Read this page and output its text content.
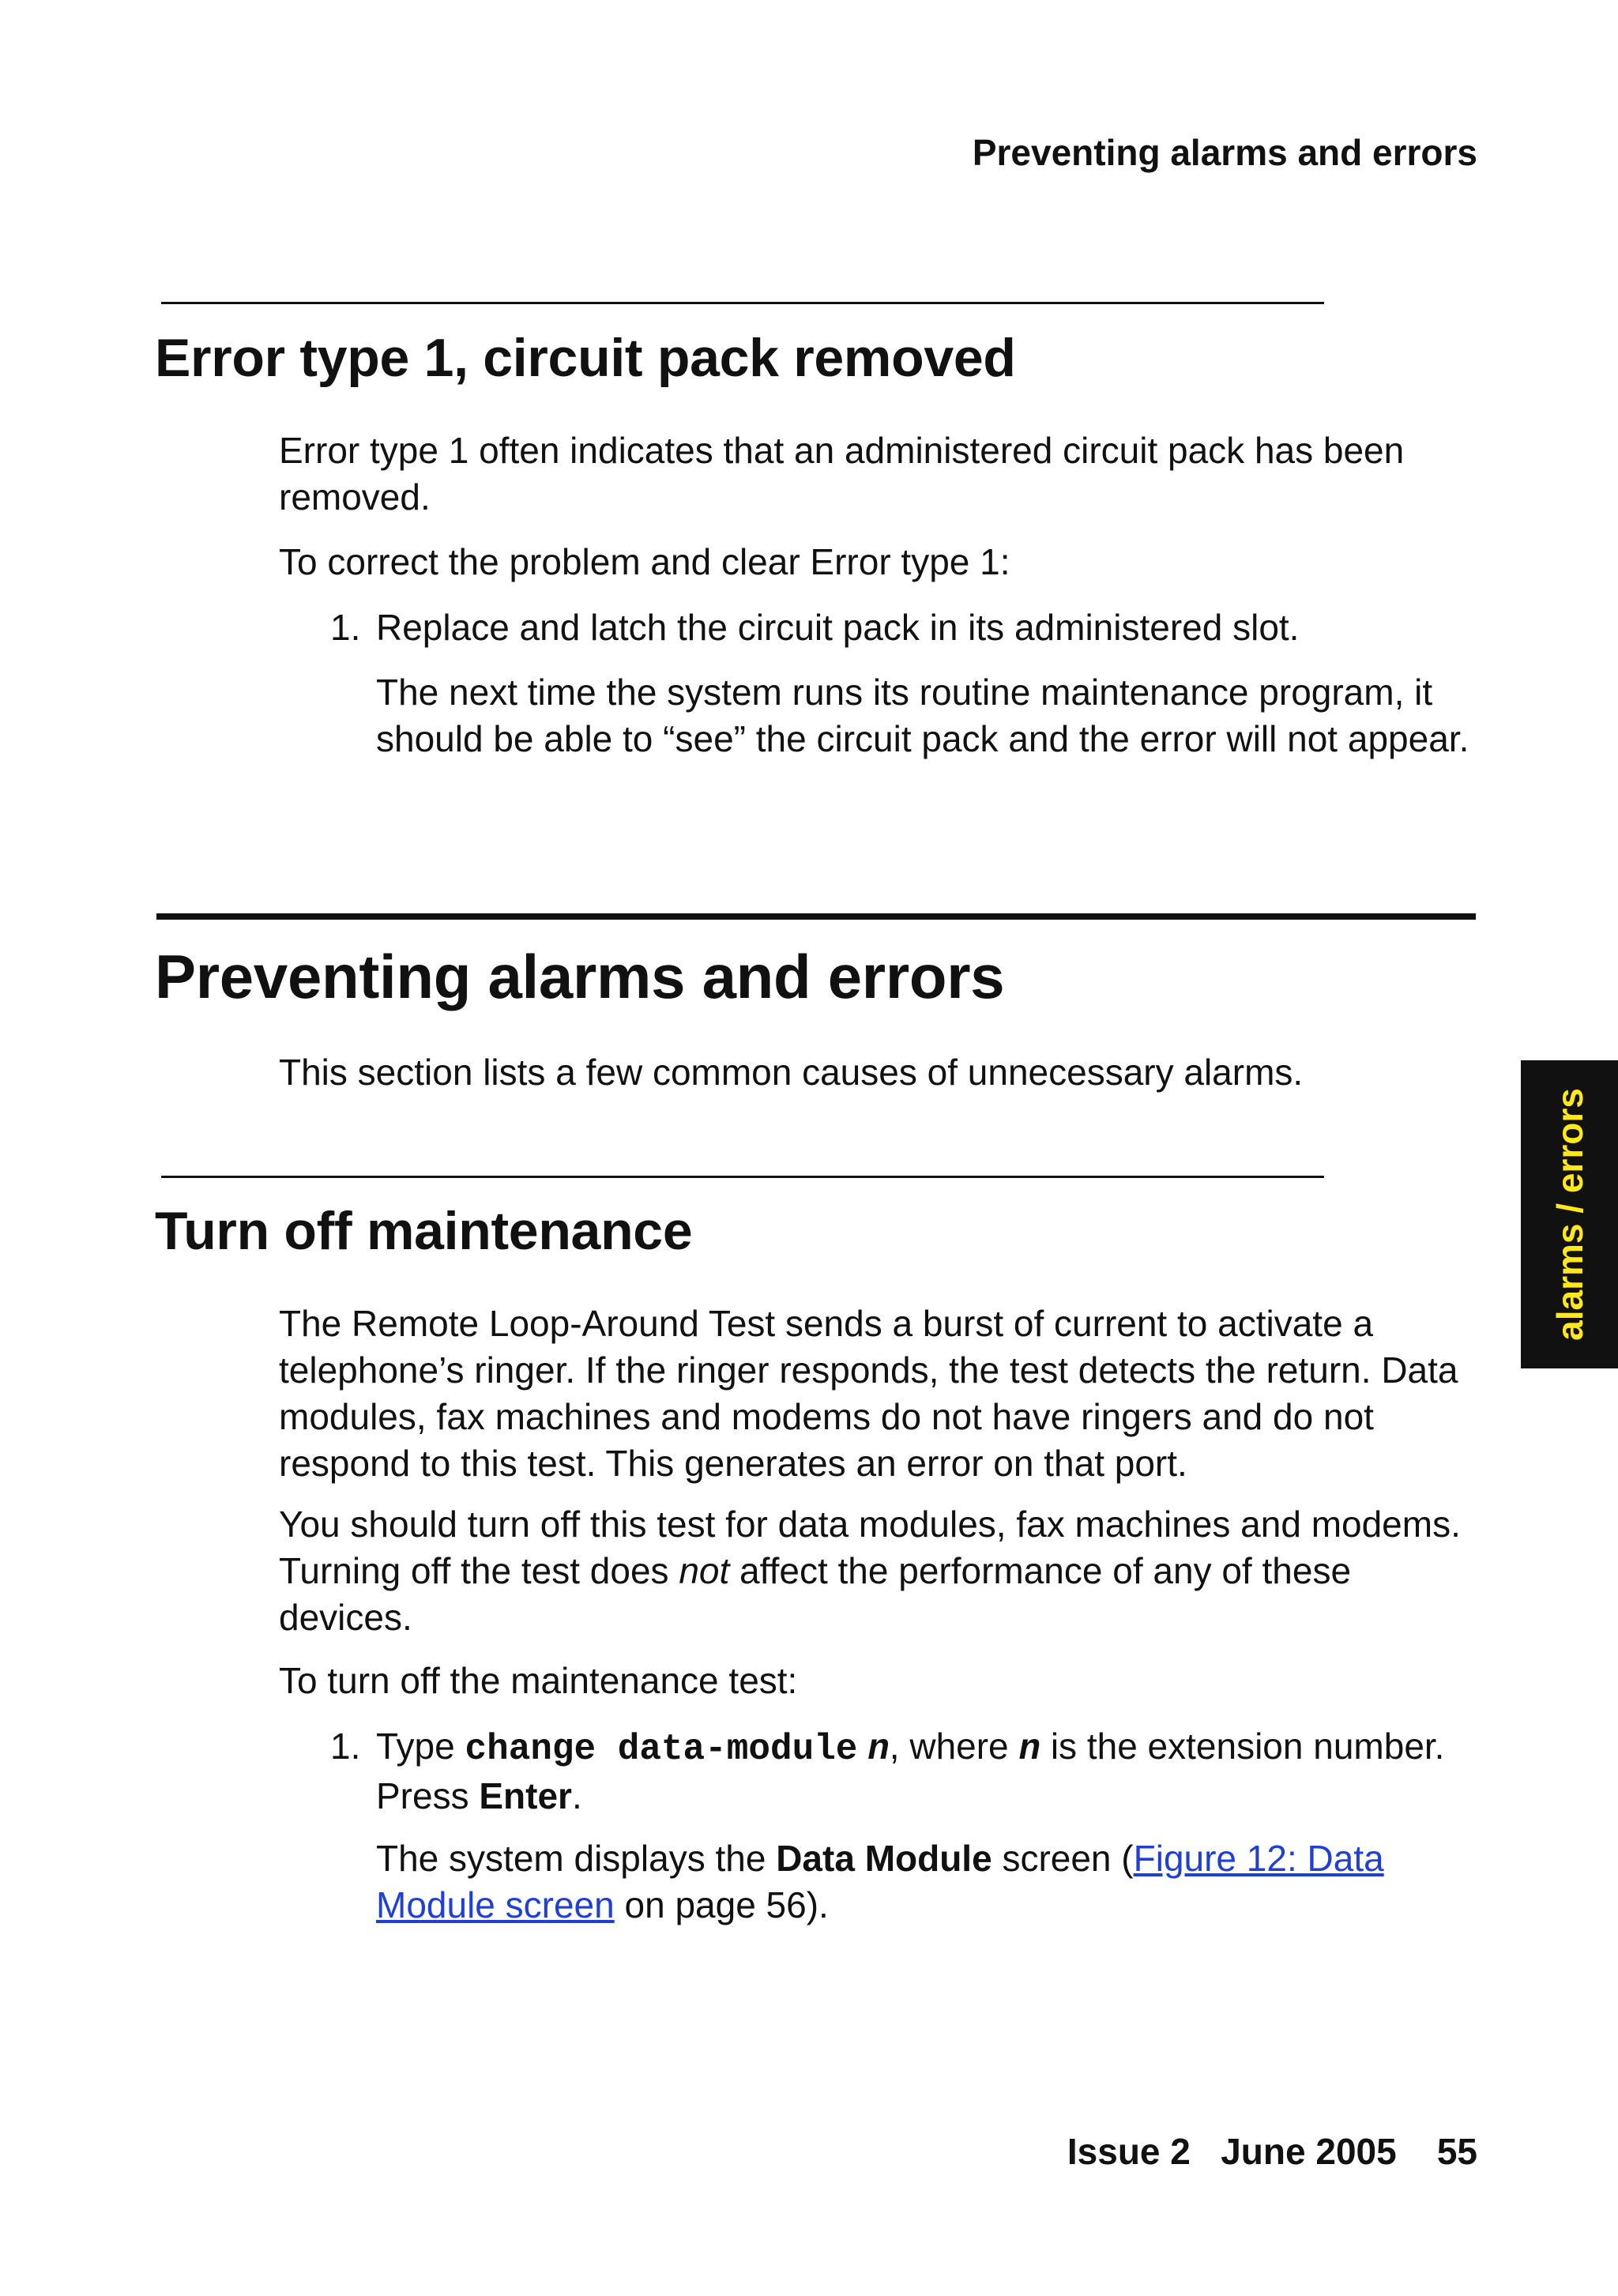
Preventing alarms and errors

Error type 1, circuit pack removed

Error type 1 often indicates that an administered circuit pack has been removed.

To correct the problem and clear Error type 1:

1. Replace and latch the circuit pack in its administered slot.

The next time the system runs its routine maintenance program, it should be able to “see” the circuit pack and the error will not appear.

Preventing alarms and errors

This section lists a few common causes of unnecessary alarms.

Turn off maintenance

The Remote Loop-Around Test sends a burst of current to activate a telephone’s ringer. If the ringer responds, the test detects the return. Data modules, fax machines and modems do not have ringers and do not respond to this test. This generates an error on that port.

You should turn off this test for data modules, fax machines and modems. Turning off the test does not affect the performance of any of these devices.

To turn off the maintenance test:

1. Type change data-module n, where n is the extension number. Press Enter.

The system displays the Data Module screen (Figure 12: Data Module screen on page 56).

alarms / errors

Issue 2   June 2005    55
